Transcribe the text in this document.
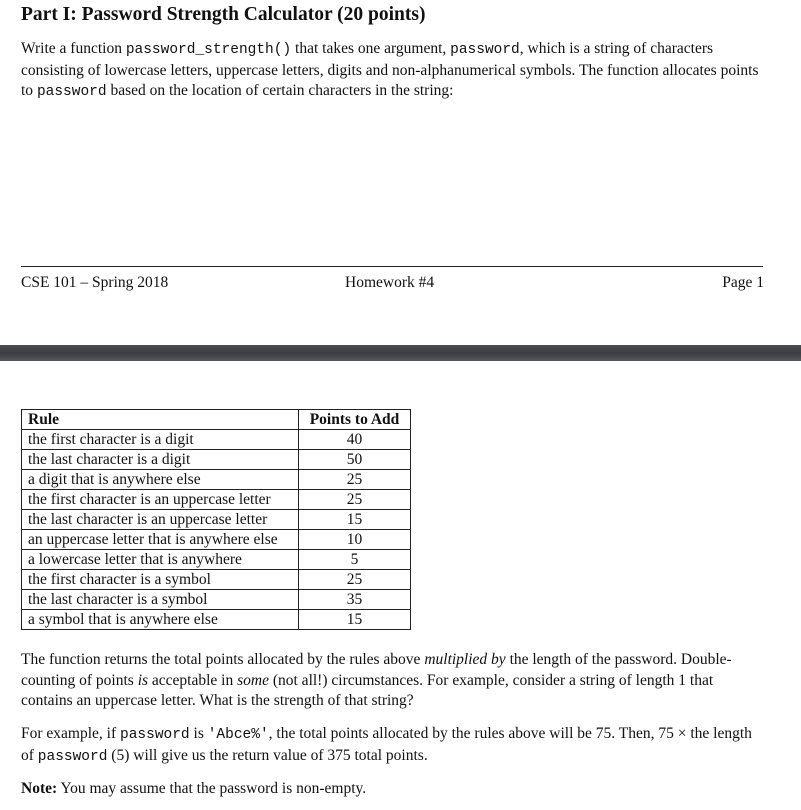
Part I: Password Strength Calculator (20 points)

Write a function password_strength() that takes one argument, password, which is a string of characters consisting of lowercase letters, uppercase letters, digits and non-alphanumerical symbols. The function allocates points to password based on the location of certain characters in the string:

CSE 101 – Spring 2018	Homework #4	Page 1

Rule	Points to Add
the first character is a digit	40
the last character is a digit	50
a digit that is anywhere else	25
the first character is an uppercase letter	25
the last character is an uppercase letter	15
an uppercase letter that is anywhere else	10
a lowercase letter that is anywhere	5
the first character is a symbol	25
the last character is a symbol	35
a symbol that is anywhere else	15

The function returns the total points allocated by the rules above multiplied by the length of the password. Double-counting of points is acceptable in some (not all!) circumstances. For example, consider a string of length 1 that contains an uppercase letter. What is the strength of that string?

For example, if password is 'Abce%', the total points allocated by the rules above will be 75. Then, 75 × the length of password (5) will give us the return value of 375 total points.

Note: You may assume that the password is non-empty.
